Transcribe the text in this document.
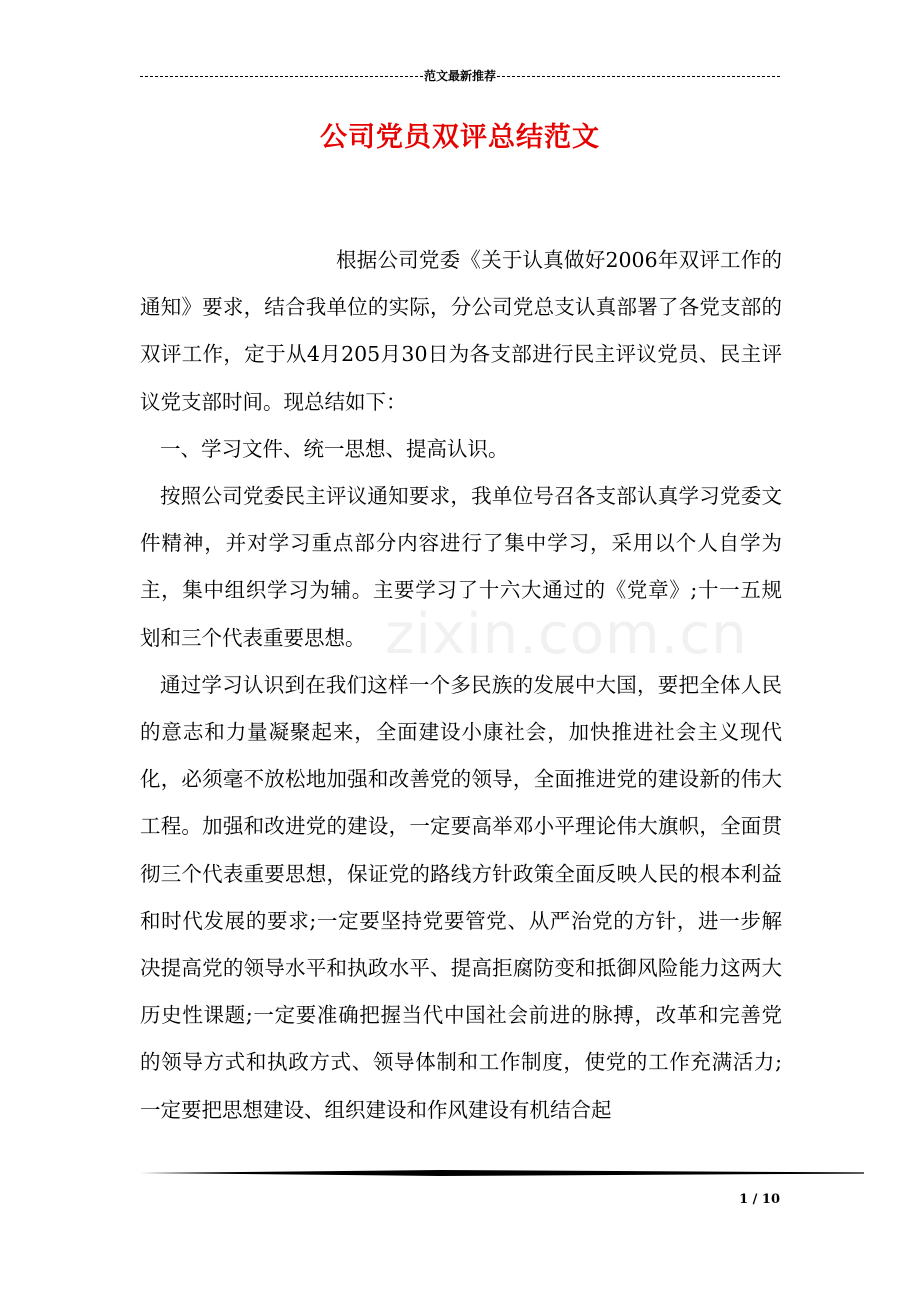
范文最新推荐
公司党员双评总结范文
zixin.com.cn

根据公司党委《关于认真做好2006年双评工作的通知》要求，结合我单位的实际，分公司党总支认真部署了各党支部的双评工作，定于从4月205月30日为各支部进行民主评议党员、民主评议党支部时间。现总结如下：

一、学习文件、统一思想、提高认识。

按照公司党委民主评议通知要求，我单位号召各支部认真学习党委文件精神，并对学习重点部分内容进行了集中学习，采用以个人自学为主，集中组织学习为辅。主要学习了十六大通过的《党章》;十一五规划和三个代表重要思想。

通过学习认识到在我们这样一个多民族的发展中大国，要把全体人民的意志和力量凝聚起来，全面建设小康社会，加快推进社会主义现代化，必须毫不放松地加强和改善党的领导，全面推进党的建设新的伟大工程。加强和改进党的建设，一定要高举邓小平理论伟大旗帜，全面贯彻三个代表重要思想，保证党的路线方针政策全面反映人民的根本利益和时代发展的要求;一定要坚持党要管党、从严治党的方针，进一步解决提高党的领导水平和执政水平、提高拒腐防变和抵御风险能力这两大历史性课题;一定要准确把握当代中国社会前进的脉搏，改革和完善党的领导方式和执政方式、领导体制和工作制度，使党的工作充满活力;一定要把思想建设、组织建设和作风建设有机结合起

1 / 10
